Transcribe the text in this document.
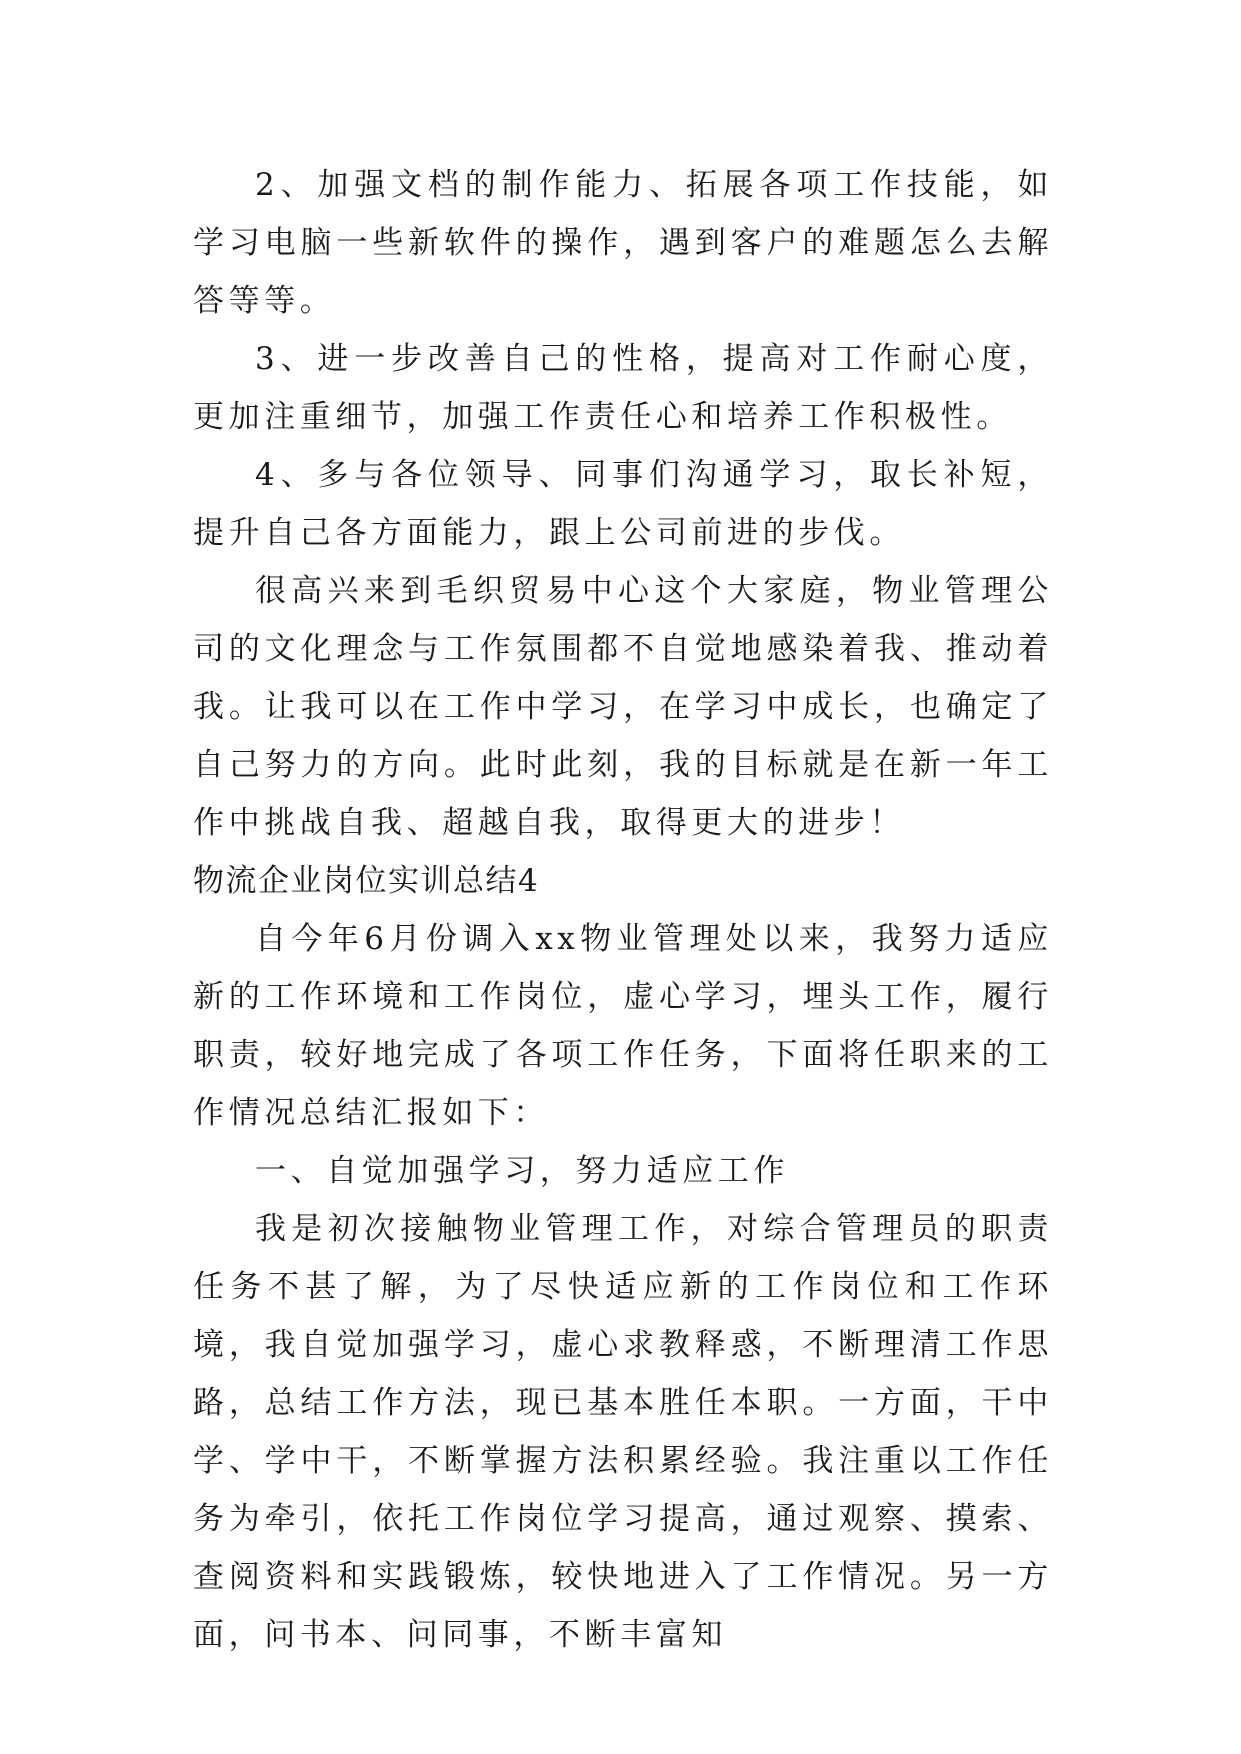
2、加强文档的制作能力、拓展各项工作技能，如学习电脑一些新软件的操作，遇到客户的难题怎么去解答等等。

3、进一步改善自己的性格，提高对工作耐心度，更加注重细节，加强工作责任心和培养工作积极性。

4、多与各位领导、同事们沟通学习，取长补短，提升自己各方面能力，跟上公司前进的步伐。

很高兴来到毛织贸易中心这个大家庭，物业管理公司的文化理念与工作氛围都不自觉地感染着我、推动着我。让我可以在工作中学习，在学习中成长，也确定了自己努力的方向。此时此刻，我的目标就是在新一年工作中挑战自我、超越自我，取得更大的进步！

物流企业岗位实训总结4

自今年6月份调入xx物业管理处以来，我努力适应新的工作环境和工作岗位，虚心学习，埋头工作，履行职责，较好地完成了各项工作任务，下面将任职来的工作情况总结汇报如下：

一、自觉加强学习，努力适应工作

我是初次接触物业管理工作，对综合管理员的职责任务不甚了解，为了尽快适应新的工作岗位和工作环境，我自觉加强学习，虚心求教释惑，不断理清工作思路，总结工作方法，现已基本胜任本职。一方面，干中学、学中干，不断掌握方法积累经验。我注重以工作任务为牵引，依托工作岗位学习提高，通过观察、摸索、查阅资料和实践锻炼，较快地进入了工作情况。另一方面，问书本、问同事，不断丰富知
